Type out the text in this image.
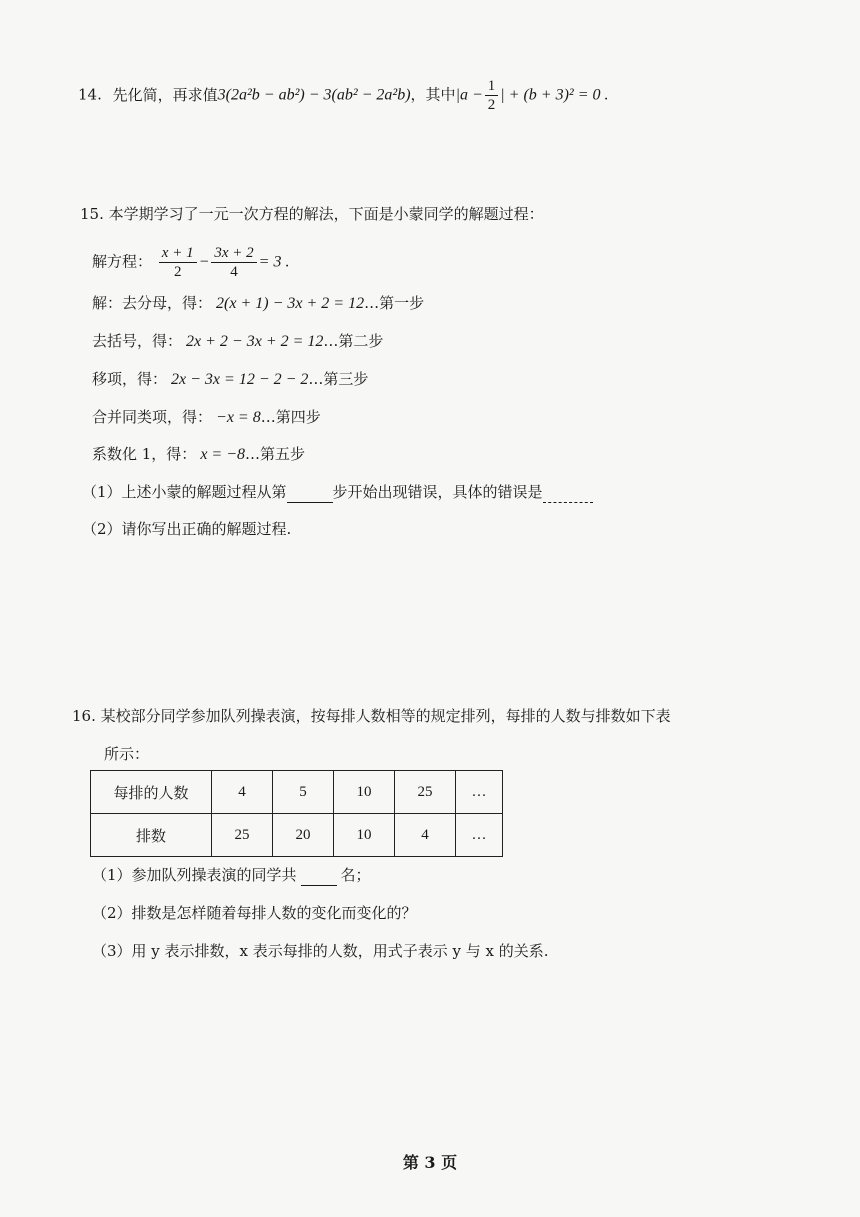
14. 先化简，再求值3(2a²b − ab²) − 3(ab² − 2a²b)，其中$|a - \frac{1}{2}$ | + (b + 3)² = 0 .
15. 本学期学习了一元一次方程的解法，下面是小蒙同学的解题过程：
解方程： $\frac{x + 1}{2} - \frac{3x + 2}{4} = 3$ .
解：去分母，得： 2(x + 1) − 3x + 2 = 12…第一步
去括号，得： 2x + 2 − 3x + 2 = 12…第二步
移项，得： 2x − 3x = 12 − 2 − 2…第三步
合并同类项，得： −x = 8…第四步
系数化 1，得： x = −8…第五步
（1）上述小蒙的解题过程从第	步开始出现错误，具体的错误是
（2）请你写出正确的解题过程.
16. 某校部分同学参加队列操表演，按每排人数相等的规定排列，每排的人数与排数如下表
所示：
每排的人数	4	5	10	25	…
排数	25	20	10	4	…
（1）参加队列操表演的同学共	名；
（2）排数是怎样随着每排人数的变化而变化的？
（3）用 y 表示排数，x 表示每排的人数，用式子表示 y 与 x 的关系.
第 3 页
